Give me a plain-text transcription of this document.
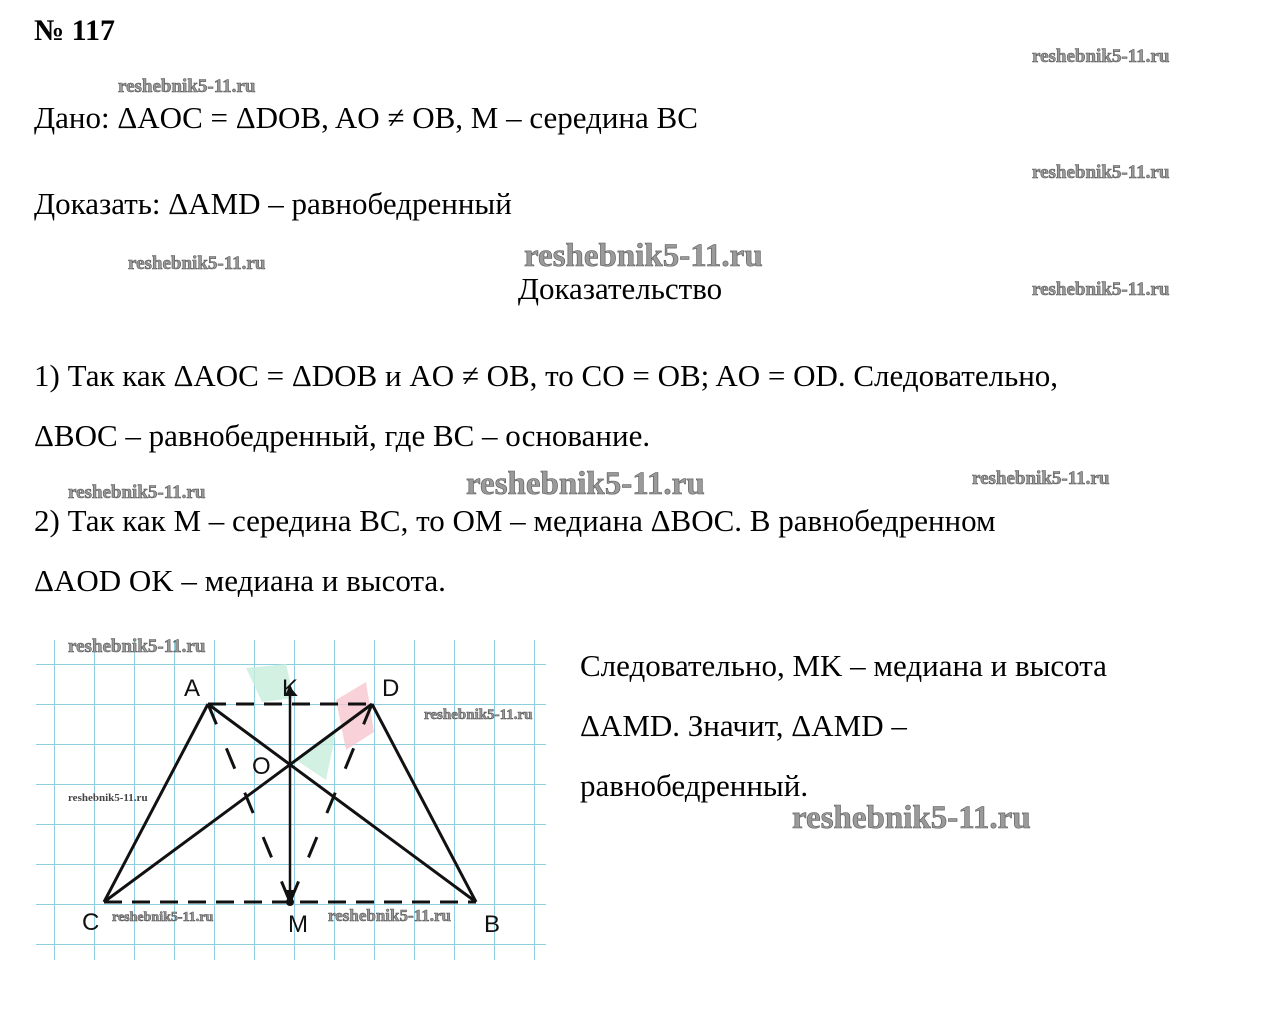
№ 117
Дано: ΔAOC = ΔDOB, AO ≠ OB, M – середина BC
Доказать: ΔAMD – равнобедренный
Доказательство
1) Так как ΔAOC = ΔDOB и AO ≠ OB, то CO = OB; AO = OD. Следовательно,
ΔBOC – равнобедренный, где BC – основание.
2) Так как M – середина BC, то OM – медиана ΔBOC. В равнобедренном
ΔAOD OK – медиана и высота.
Следовательно, MK – медиана и высота
ΔAMD. Значит, ΔAMD –
равнобедренный.
A	K	D
O
C	M	B
reshebnik5-11.ru
reshebnik5-11.ru
reshebnik5-11.ru
reshebnik5-11.ru	reshebnik5-11.ru
reshebnik5-11.ru
reshebnik5-11.ru	reshebnik5-11.ru	reshebnik5-11.ru
reshebnik5-11.ru
reshebnik5-11.ru
reshebnik5-11.ru
reshebnik5-11.ru
reshebnik5-11.ru	reshebnik5-11.ru
